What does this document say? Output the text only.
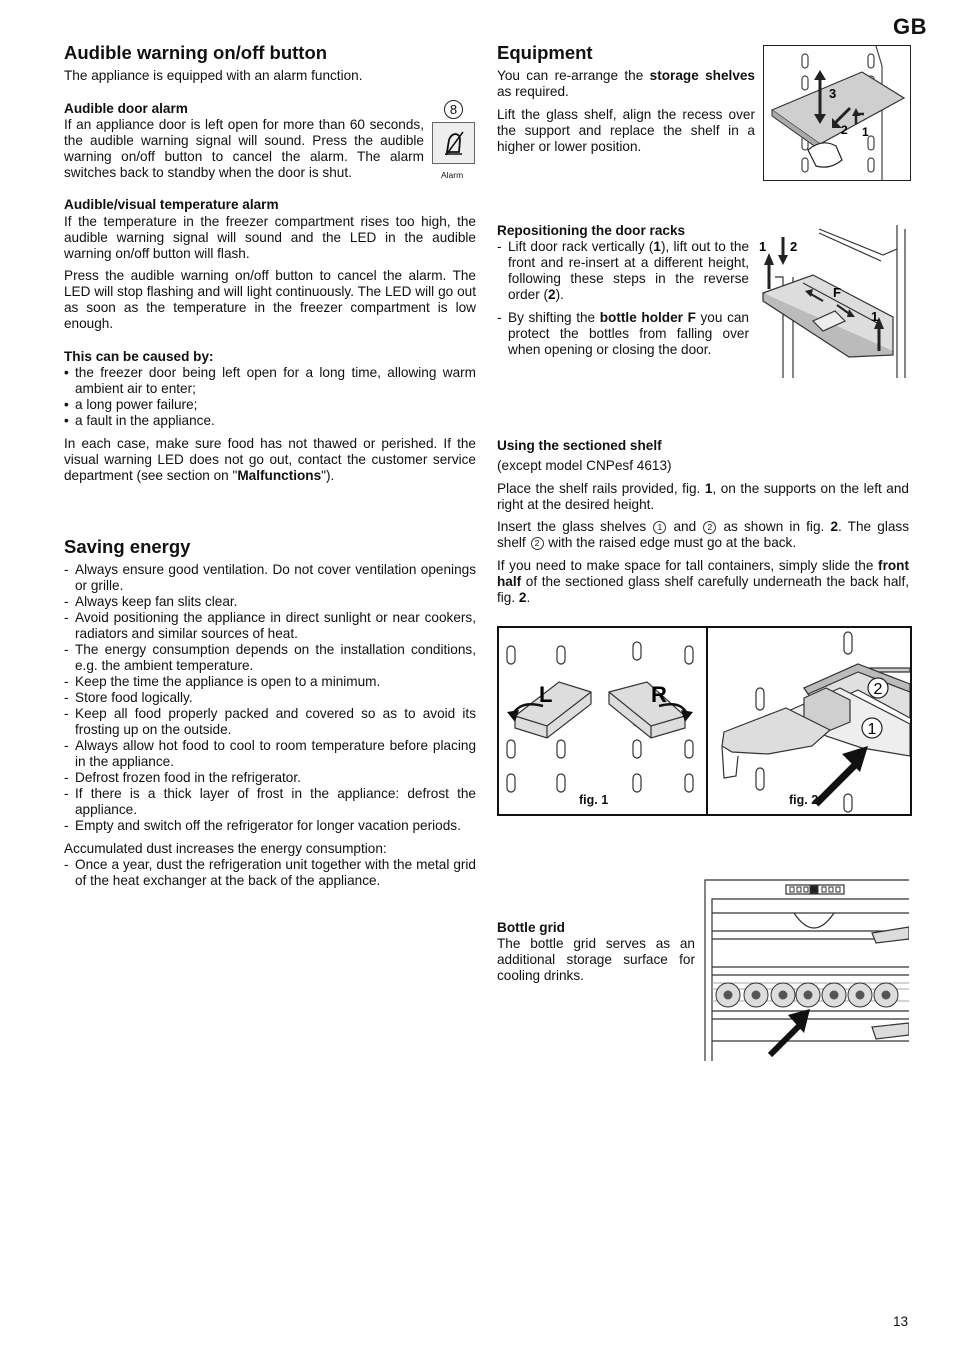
GB
Audible warning on/off button

The appliance is equipped with an alarm function.

Audible door alarm

If an appliance door is left open for more than 60 seconds, the audible warning signal will sound. Press the audible warning on/off button to cancel the alarm. The alarm switches back to standby when the door is shut.

8
Alarm
Audible/visual temperature alarm

If the temperature in the freezer compartment rises too high, the audible warning signal will sound and the LED in the audible warning on/off button will flash.

Press the audible warning on/off button to cancel the alarm. The LED will stop flashing and will light continuously. The LED will go out as soon as the temperature in the freezer compartment is low enough.

This can be caused by:
• the freezer door being left open for a long time, allowing warm ambient air to enter;
• a long power failure;
• a fault in the appliance.

In each case, make sure food has not thawed or perished. If the visual warning LED does not go out, contact the customer service department (see section on "Malfunctions").

Saving energy
- Always ensure good ventilation. Do not cover ventilation openings or grille.
- Always keep fan slits clear.
- Avoid positioning the appliance in direct sunlight or near cookers, radiators and similar sources of heat.
- The energy consumption depends on the installation conditions, e.g. the ambient temperature.
- Keep the time the appliance is open to a minimum.
- Store food logically.
- Keep all food properly packed and covered so as to avoid its frosting up on the outside.
- Always allow hot food to cool to room temperature before placing in the appliance.
- Defrost frozen food in the refrigerator.
- If there is a thick layer of frost in the appliance: defrost the appliance.
- Empty and switch off the refrigerator for longer vacation periods.

Accumulated dust increases the energy consumption:

- Once a year, dust the refrigeration unit together with the metal grid of the heat exchanger at the back of the appliance.
Equipment

You can re-arrange the storage shelves as required.

Lift the glass shelf, align the recess over the support and replace the shelf in a higher or lower position.

3
2 1
Repositioning the door racks
- Lift door rack vertically (1), lift out to the front and re-insert at a different height, following these steps in the reverse order (2).
- By shifting the bottle holder F you can protect the bottles from falling over when opening or closing the door.
1 2
F
1
Using the sectioned shelf

(except model CNPesf 4613)

Place the shelf rails provided, fig. 1, on the supports on the left and right at the desired height.

Insert the glass shelves 1 and 2 as shown in fig. 2. The glass shelf 2 with the raised edge must go at the back.

If you need to make space for tall containers, simply slide the front half of the sectioned glass shelf carefully underneath the back half, fig. 2.

L	R
fig. 1
2
1
fig. 2
Bottle grid

The bottle grid serves as an additional storage surface for cooling drinks.

13
